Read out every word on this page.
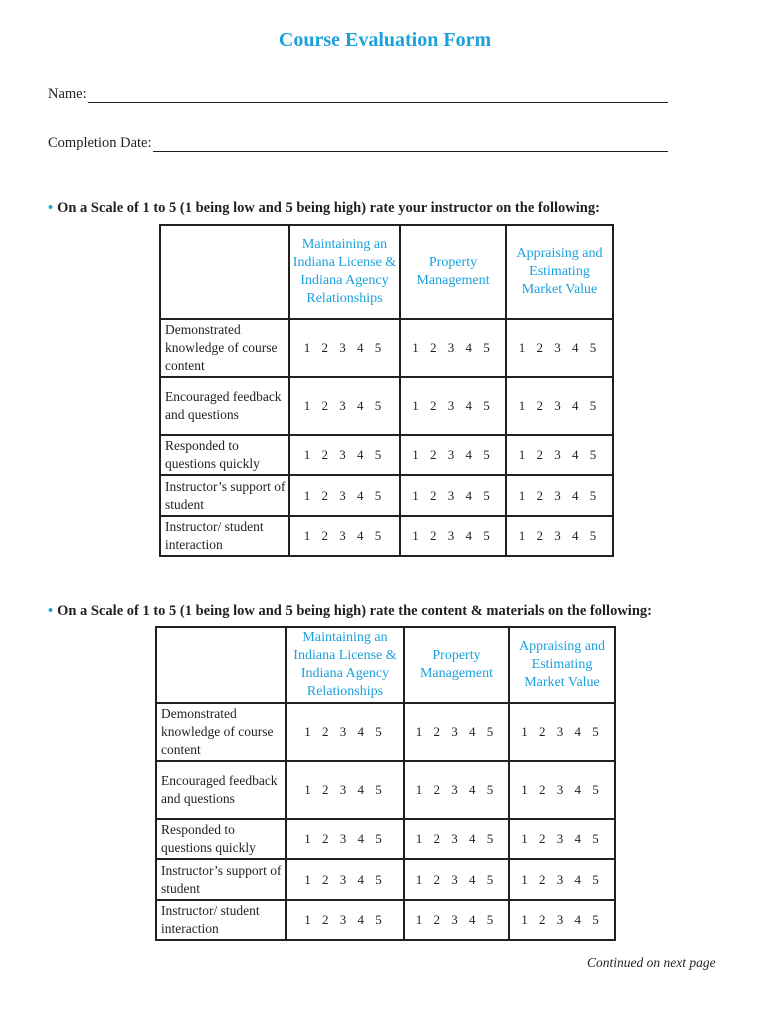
Course Evaluation Form
Name:
Completion Date:
• On a Scale of 1 to 5 (1 being low and 5 being high) rate your instructor on the following:
	Maintaining an Indiana License & Indiana Agency Relationships	Property Management	Appraising and Estimating Market Value
Demonstrated knowledge of course content	1 2 3 4 5	1 2 3 4 5	1 2 3 4 5
Encouraged feedback and questions	1 2 3 4 5	1 2 3 4 5	1 2 3 4 5
Responded to questions quickly	1 2 3 4 5	1 2 3 4 5	1 2 3 4 5
Instructor’s support of student	1 2 3 4 5	1 2 3 4 5	1 2 3 4 5
Instructor/ student interaction	1 2 3 4 5	1 2 3 4 5	1 2 3 4 5
• On a Scale of 1 to 5 (1 being low and 5 being high) rate the content & materials on the following:
	Maintaining an Indiana License & Indiana Agency Relationships	Property Management	Appraising and Estimating Market Value
Demonstrated knowledge of course content	1 2 3 4 5	1 2 3 4 5	1 2 3 4 5
Encouraged feedback and questions	1 2 3 4 5	1 2 3 4 5	1 2 3 4 5
Responded to questions quickly	1 2 3 4 5	1 2 3 4 5	1 2 3 4 5
Instructor’s support of student	1 2 3 4 5	1 2 3 4 5	1 2 3 4 5
Instructor/ student interaction	1 2 3 4 5	1 2 3 4 5	1 2 3 4 5
Continued on next page
